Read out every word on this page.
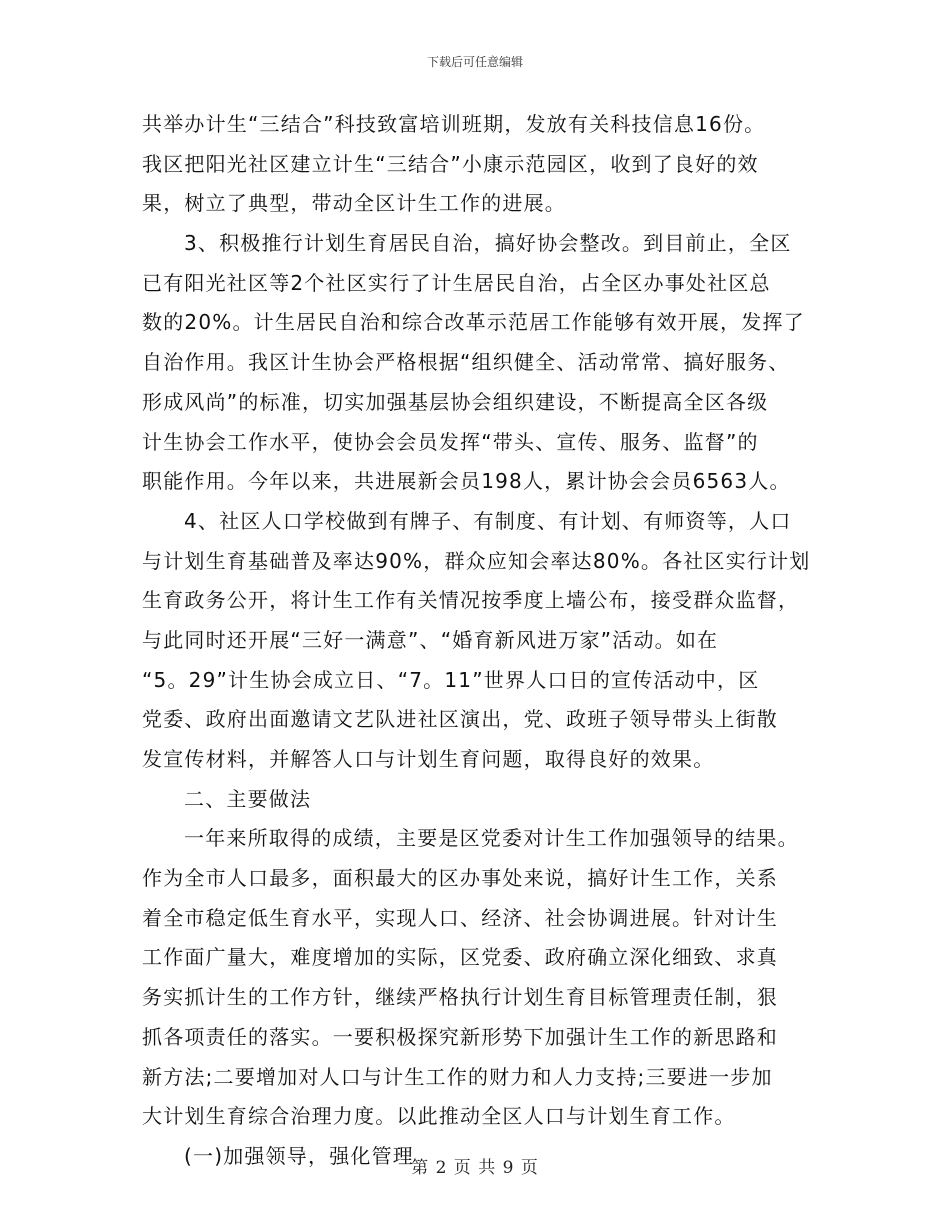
下载后可任意编辑
共举办计生“三结合”科技致富培训班期，发放有关科技信息16份。
我区把阳光社区建立计生“三结合”小康示范园区，收到了良好的效
果，树立了典型，带动全区计生工作的进展。
3、积极推行计划生育居民自治，搞好协会整改。到目前止，全区
已有阳光社区等2个社区实行了计生居民自治，占全区办事处社区总
数的20%。计生居民自治和综合改革示范居工作能够有效开展，发挥了
自治作用。我区计生协会严格根据“组织健全、活动常常、搞好服务、
形成风尚”的标准，切实加强基层协会组织建设，不断提高全区各级
计生协会工作水平，使协会会员发挥“带头、宣传、服务、监督”的
职能作用。今年以来，共进展新会员198人，累计协会会员6563人。
4、社区人口学校做到有牌子、有制度、有计划、有师资等，人口
与计划生育基础普及率达90%，群众应知会率达80%。各社区实行计划
生育政务公开，将计生工作有关情况按季度上墙公布，接受群众监督，
与此同时还开展“三好一满意”、“婚育新风进万家”活动。如在
“5。29”计生协会成立日、“7。11”世界人口日的宣传活动中，区
党委、政府出面邀请文艺队进社区演出，党、政班子领导带头上街散
发宣传材料，并解答人口与计划生育问题，取得良好的效果。
二、主要做法
一年来所取得的成绩，主要是区党委对计生工作加强领导的结果。
作为全市人口最多，面积最大的区办事处来说，搞好计生工作，关系
着全市稳定低生育水平，实现人口、经济、社会协调进展。针对计生
工作面广量大，难度增加的实际，区党委、政府确立深化细致、求真
务实抓计生的工作方针，继续严格执行计划生育目标管理责任制，狠
抓各项责任的落实。一要积极探究新形势下加强计生工作的新思路和
新方法;二要增加对人口与计生工作的财力和人力支持;三要进一步加
大计划生育综合治理力度。以此推动全区人口与计划生育工作。
(一)加强领导，强化管理
第 2 页 共 9 页
